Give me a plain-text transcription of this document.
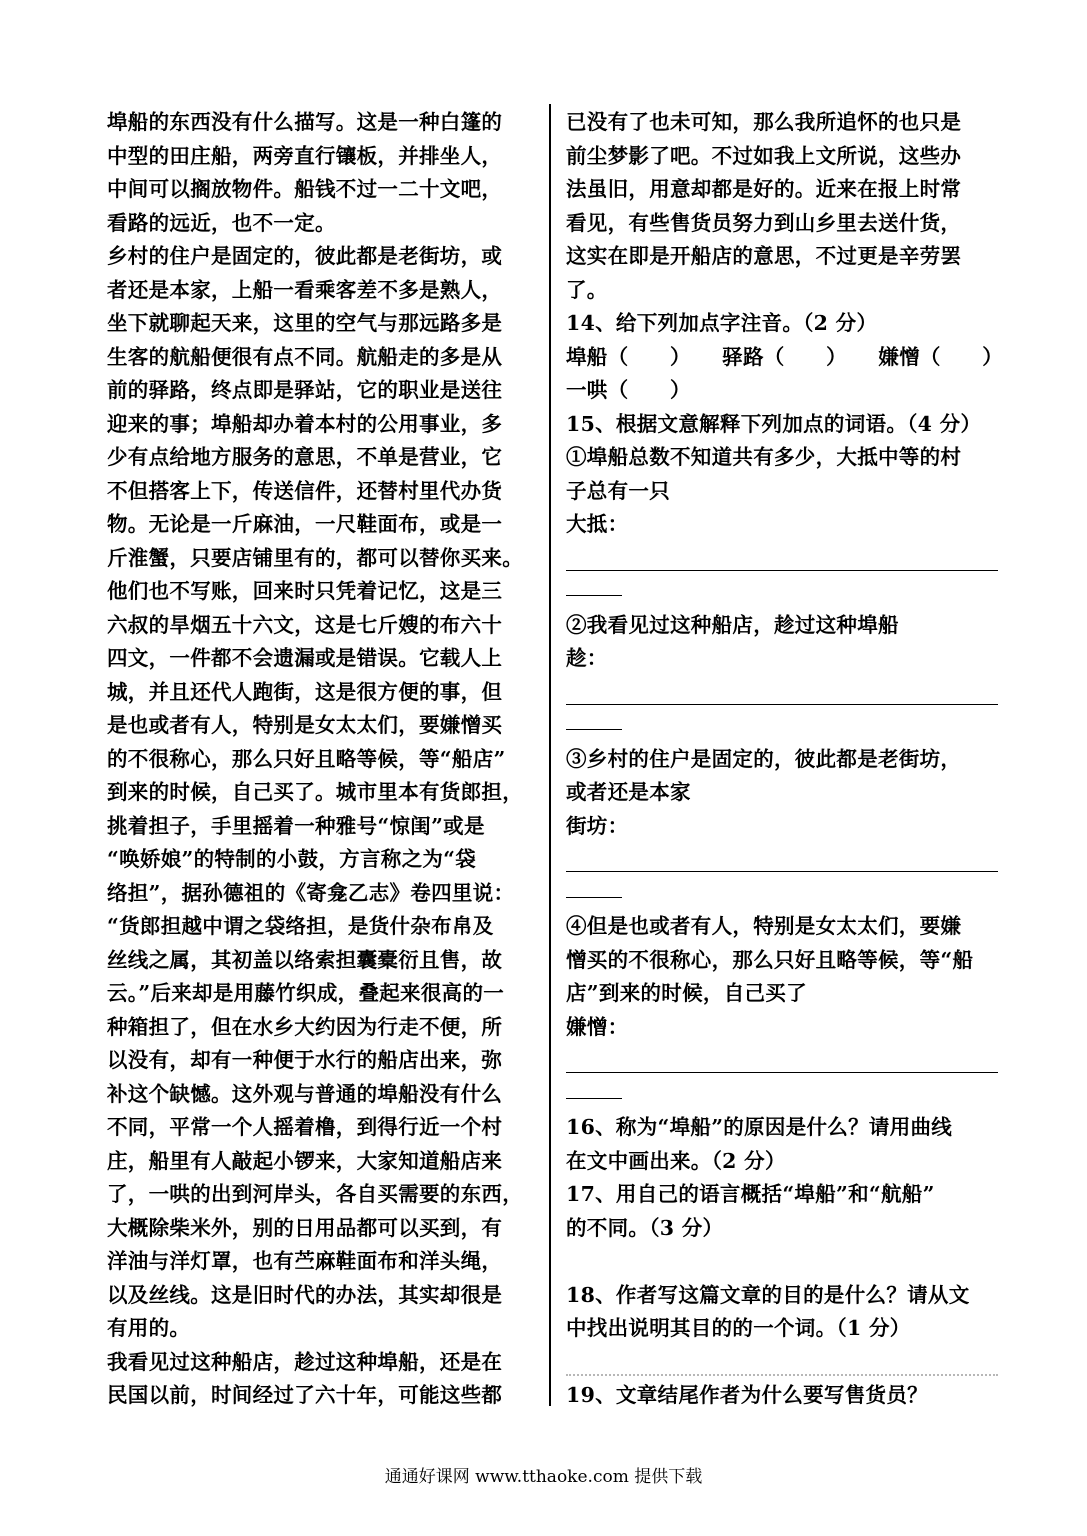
埠船的东西没有什么描写。这是一种白篷的
中型的田庄船，两旁直行镶板，并排坐人，
中间可以搁放物件。船钱不过一二十文吧，
看路的远近，也不一定。
乡村的住户是固定的，彼此都是老街坊，或
者还是本家，上船一看乘客差不多是熟人，
坐下就聊起天来，这里的空气与那远路多是
生客的航船便很有点不同。航船走的多是从
前的驿路，终点即是驿站，它的职业是送往
迎来的事；埠船却办着本村的公用事业，多
少有点给地方服务的意思，不单是营业，它
不但搭客上下，传送信件，还替村里代办货
物。无论是一斤麻油，一尺鞋面布，或是一
斤淮蟹，只要店铺里有的，都可以替你买来。
他们也不写账，回来时只凭着记忆，这是三
六叔的旱烟五十六文，这是七斤嫂的布六十
四文，一件都不会遗漏或是错误。它载人上
城，并且还代人跑街，这是很方便的事，但
是也或者有人，特别是女太太们，要嫌憎买
的不很称心，那么只好且略等候，等“船店”
到来的时候，自己买了。城市里本有货郎担，
挑着担子，手里摇着一种雅号“惊闺”或是
“唤娇娘”的特制的小鼓，方言称之为“袋
络担”，据孙德祖的《寄龛乙志》卷四里说：
“货郎担越中谓之袋络担，是货什杂布帛及
丝线之属，其初盖以络索担囊橐衍且售，故
云。”后来却是用藤竹织成，叠起来很高的一
种箱担了，但在水乡大约因为行走不便，所
以没有，却有一种便于水行的船店出来，弥
补这个缺憾。这外观与普通的埠船没有什么
不同，平常一个人摇着橹，到得行近一个村
庄，船里有人敲起小锣来，大家知道船店来
了，一哄的出到河岸头，各自买需要的东西，
大概除柴米外，别的日用品都可以买到，有
洋油与洋灯罩，也有苎麻鞋面布和洋头绳，
以及丝线。这是旧时代的办法，其实却很是
有用的。
我看见过这种船店，趁过这种埠船，还是在
民国以前，时间经过了六十年，可能这些都
已没有了也未可知，那么我所追怀的也只是
前尘梦影了吧。不过如我上文所说，这些办
法虽旧，用意却都是好的。近来在报上时常
看见，有些售货员努力到山乡里去送什货，
这实在即是开船店的意思，不过更是辛劳罢
了。
14、给下列加点字注音。（2 分）
埠船（　　）　　驿路（　　）　　嫌憎（　　）
一哄（　　）
15、根据文意解释下列加点的词语。（4 分）
①埠船总数不知道共有多少，大抵中等的村
子总有一只
大抵：
②我看见过这种船店，趁过这种埠船
趁：
③乡村的住户是固定的，彼此都是老街坊，
或者还是本家
街坊：
④但是也或者有人，特别是女太太们，要嫌
憎买的不很称心，那么只好且略等候，等“船
店”到来的时候，自己买了
嫌憎：
16、称为“埠船”的原因是什么？请用曲线
在文中画出来。（2 分）
17、用自己的语言概括“埠船”和“航船”
的不同。（3 分）
18、作者写这篇文章的目的是什么？请从文
中找出说明其目的的一个词。（1 分）
19、文章结尾作者为什么要写售货员？
通通好课网 www.tthaoke.com 提供下载
